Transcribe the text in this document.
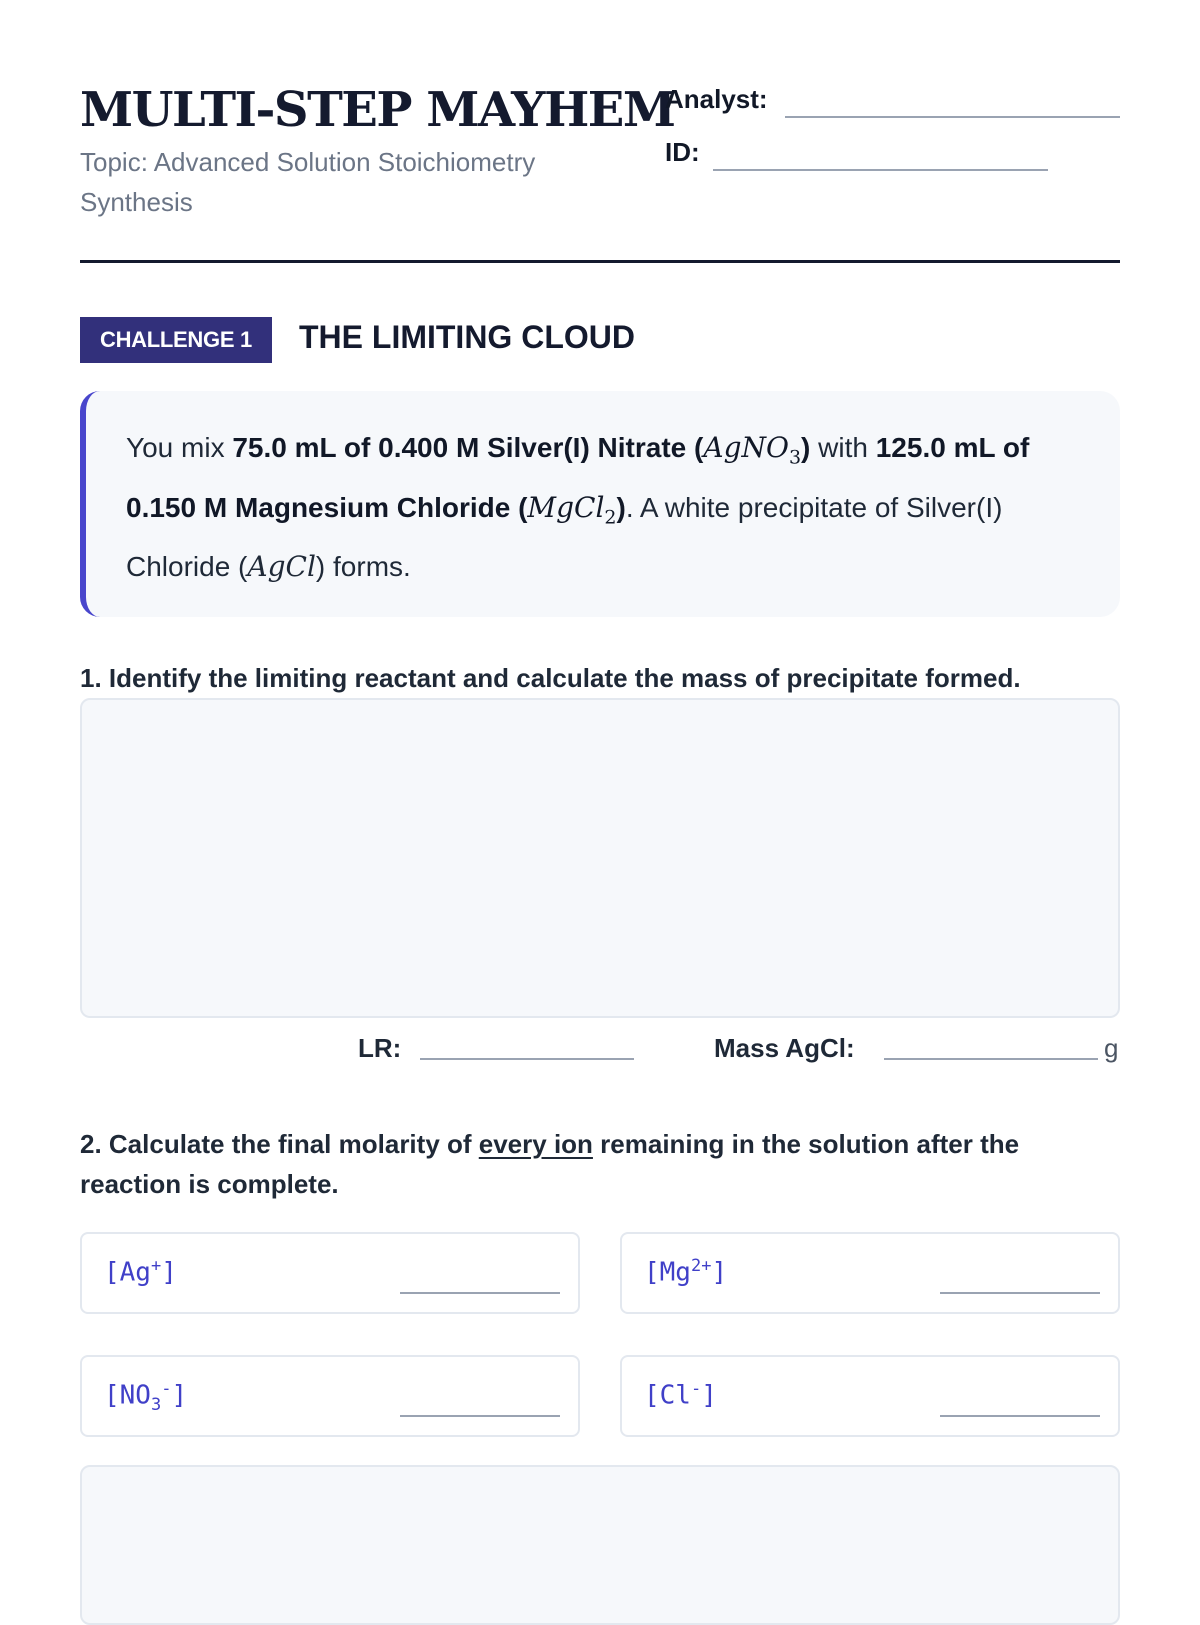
MULTI-STEP MAYHEM
Topic: Advanced Solution Stoichiometry Synthesis
Analyst:
ID:
CHALLENGE 1	THE LIMITING CLOUD
You mix 75.0 mL of 0.400 M Silver(I) Nitrate (AgNO$_3$) with 125.0 mL of 0.150 M Magnesium Chloride (MgCl$_2$). A white precipitate of Silver(I) Chloride (AgCl) forms.
1. Identify the limiting reactant and calculate the mass of precipitate formed.
LR:	Mass AgCl:	g
2. Calculate the final molarity of every ion remaining in the solution after the reaction is complete.
[Ag+]	$[Mg^{2+}]$
$[NO_3^-]$	[Cl-]
